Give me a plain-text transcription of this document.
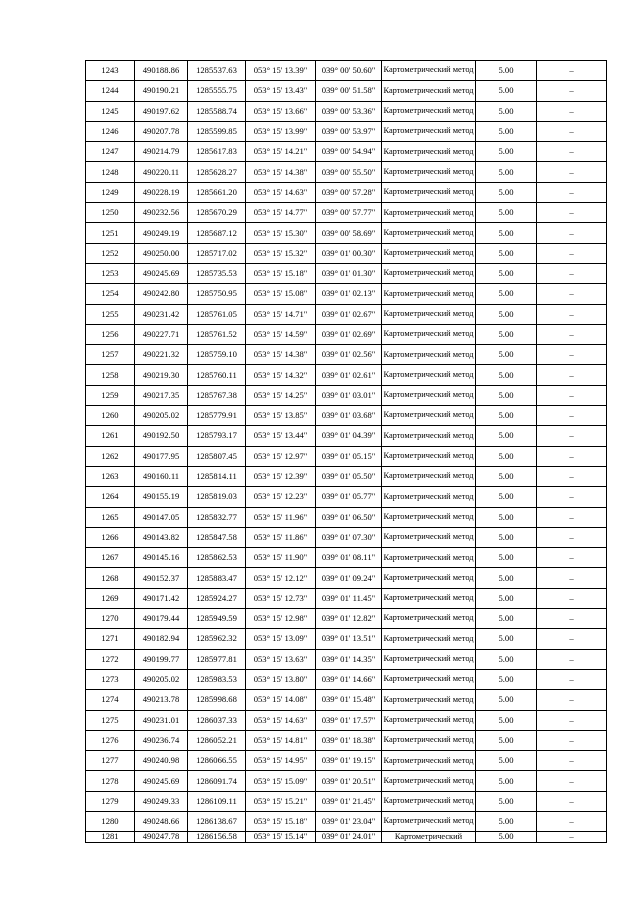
1243	490188.86	1285537.63	053° 15' 13.39"	039° 00' 50.60"	Картометрический метод	5.00	–
1244	490190.21	1285555.75	053° 15' 13.43"	039° 00' 51.58"	Картометрический метод	5.00	–
1245	490197.62	1285588.74	053° 15' 13.66"	039° 00' 53.36"	Картометрический метод	5.00	–
1246	490207.78	1285599.85	053° 15' 13.99"	039° 00' 53.97"	Картометрический метод	5.00	–
1247	490214.79	1285617.83	053° 15' 14.21"	039° 00' 54.94"	Картометрический метод	5.00	–
1248	490220.11	1285628.27	053° 15' 14.38"	039° 00' 55.50"	Картометрический метод	5.00	–
1249	490228.19	1285661.20	053° 15' 14.63"	039° 00' 57.28"	Картометрический метод	5.00	–
1250	490232.56	1285670.29	053° 15' 14.77"	039° 00' 57.77"	Картометрический метод	5.00	–
1251	490249.19	1285687.12	053° 15' 15.30"	039° 00' 58.69"	Картометрический метод	5.00	–
1252	490250.00	1285717.02	053° 15' 15.32"	039° 01' 00.30"	Картометрический метод	5.00	–
1253	490245.69	1285735.53	053° 15' 15.18"	039° 01' 01.30"	Картометрический метод	5.00	–
1254	490242.80	1285750.95	053° 15' 15.08"	039° 01' 02.13"	Картометрический метод	5.00	–
1255	490231.42	1285761.05	053° 15' 14.71"	039° 01' 02.67"	Картометрический метод	5.00	–
1256	490227.71	1285761.52	053° 15' 14.59"	039° 01' 02.69"	Картометрический метод	5.00	–
1257	490221.32	1285759.10	053° 15' 14.38"	039° 01' 02.56"	Картометрический метод	5.00	–
1258	490219.30	1285760.11	053° 15' 14.32"	039° 01' 02.61"	Картометрический метод	5.00	–
1259	490217.35	1285767.38	053° 15' 14.25"	039° 01' 03.01"	Картометрический метод	5.00	–
1260	490205.02	1285779.91	053° 15' 13.85"	039° 01' 03.68"	Картометрический метод	5.00	–
1261	490192.50	1285793.17	053° 15' 13.44"	039° 01' 04.39"	Картометрический метод	5.00	–
1262	490177.95	1285807.45	053° 15' 12.97"	039° 01' 05.15"	Картометрический метод	5.00	–
1263	490160.11	1285814.11	053° 15' 12.39"	039° 01' 05.50"	Картометрический метод	5.00	–
1264	490155.19	1285819.03	053° 15' 12.23"	039° 01' 05.77"	Картометрический метод	5.00	–
1265	490147.05	1285832.77	053° 15' 11.96"	039° 01' 06.50"	Картометрический метод	5.00	–
1266	490143.82	1285847.58	053° 15' 11.86"	039° 01' 07.30"	Картометрический метод	5.00	–
1267	490145.16	1285862.53	053° 15' 11.90"	039° 01' 08.11"	Картометрический метод	5.00	–
1268	490152.37	1285883.47	053° 15' 12.12"	039° 01' 09.24"	Картометрический метод	5.00	–
1269	490171.42	1285924.27	053° 15' 12.73"	039° 01' 11.45"	Картометрический метод	5.00	–
1270	490179.44	1285949.59	053° 15' 12.98"	039° 01' 12.82"	Картометрический метод	5.00	–
1271	490182.94	1285962.32	053° 15' 13.09"	039° 01' 13.51"	Картометрический метод	5.00	–
1272	490199.77	1285977.81	053° 15' 13.63"	039° 01' 14.35"	Картометрический метод	5.00	–
1273	490205.02	1285983.53	053° 15' 13.80"	039° 01' 14.66"	Картометрический метод	5.00	–
1274	490213.78	1285998.68	053° 15' 14.08"	039° 01' 15.48"	Картометрический метод	5.00	–
1275	490231.01	1286037.33	053° 15' 14.63"	039° 01' 17.57"	Картометрический метод	5.00	–
1276	490236.74	1286052.21	053° 15' 14.81"	039° 01' 18.38"	Картометрический метод	5.00	–
1277	490240.98	1286066.55	053° 15' 14.95"	039° 01' 19.15"	Картометрический метод	5.00	–
1278	490245.69	1286091.74	053° 15' 15.09"	039° 01' 20.51"	Картометрический метод	5.00	–
1279	490249.33	1286109.11	053° 15' 15.21"	039° 01' 21.45"	Картометрический метод	5.00	–
1280	490248.66	1286138.67	053° 15' 15.18"	039° 01' 23.04"	Картометрический метод	5.00	–
1281	490247.78	1286156.58	053° 15' 15.14"	039° 01' 24.01"	Картометрический	5.00	–
